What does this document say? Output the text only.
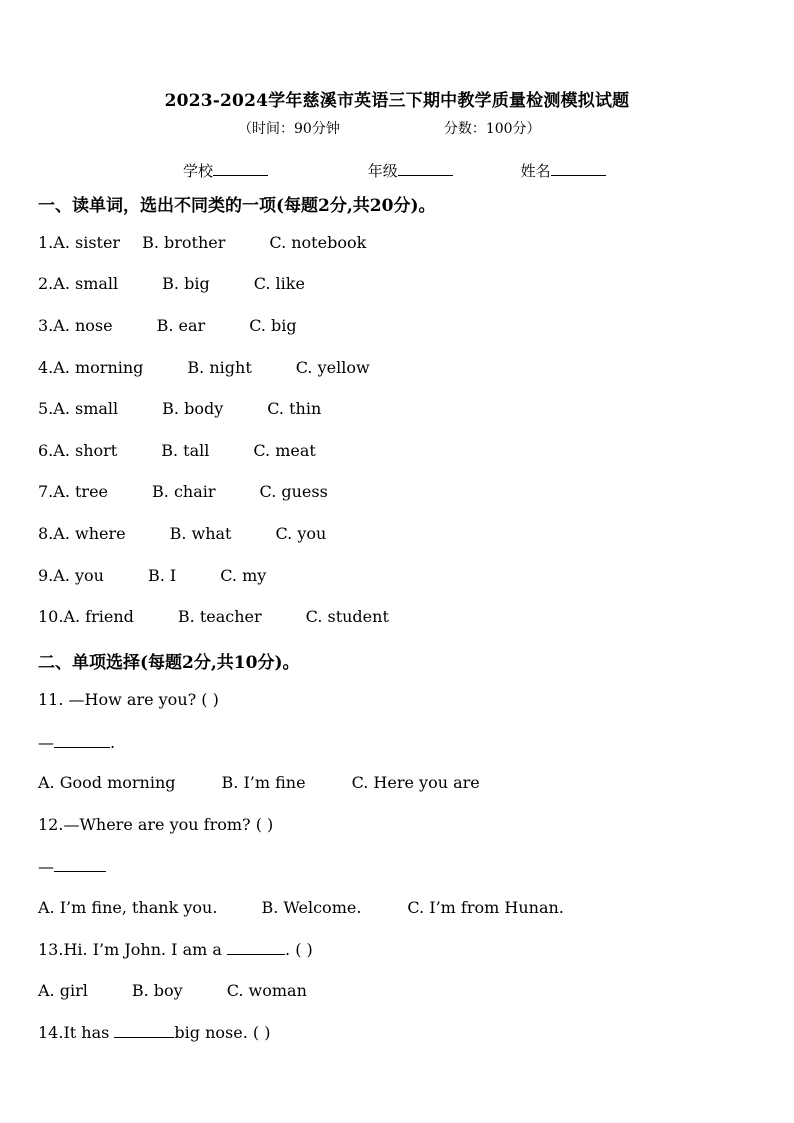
2023-2024学年慈溪市英语三下期中教学质量检测模拟试题
（时间：90分钟	分数：100分）
学校	年级	姓名
一、读单词，选出不同类的一项(每题2分,共20分)。
1.A. sister B. brother	C. notebook
2.A. small	B. big	C. like
3.A. nose	B. ear	C. big
4.A. morning	B. night	C. yellow
5.A. small	B. body	C. thin
6.A. short	B. tall	C. meat
7.A. tree	B. chair	C. guess
8.A. where	B. what	C. you
9.A. you	B. I	C. my
10.A. friend	B. teacher	C. student
二、单项选择(每题2分,共10分)。
11. —How are you? ( )
—	.
A. Good morning	B. I’m fine	C. Here you are
12.—Where are you from? ( )
—
A. I’m fine, thank you.	B. Welcome.	C. I’m from Hunan.
13.Hi. I’m John. I am a	. ( )
A. girl	B. boy	C. woman
14.It has	big nose. ( )
